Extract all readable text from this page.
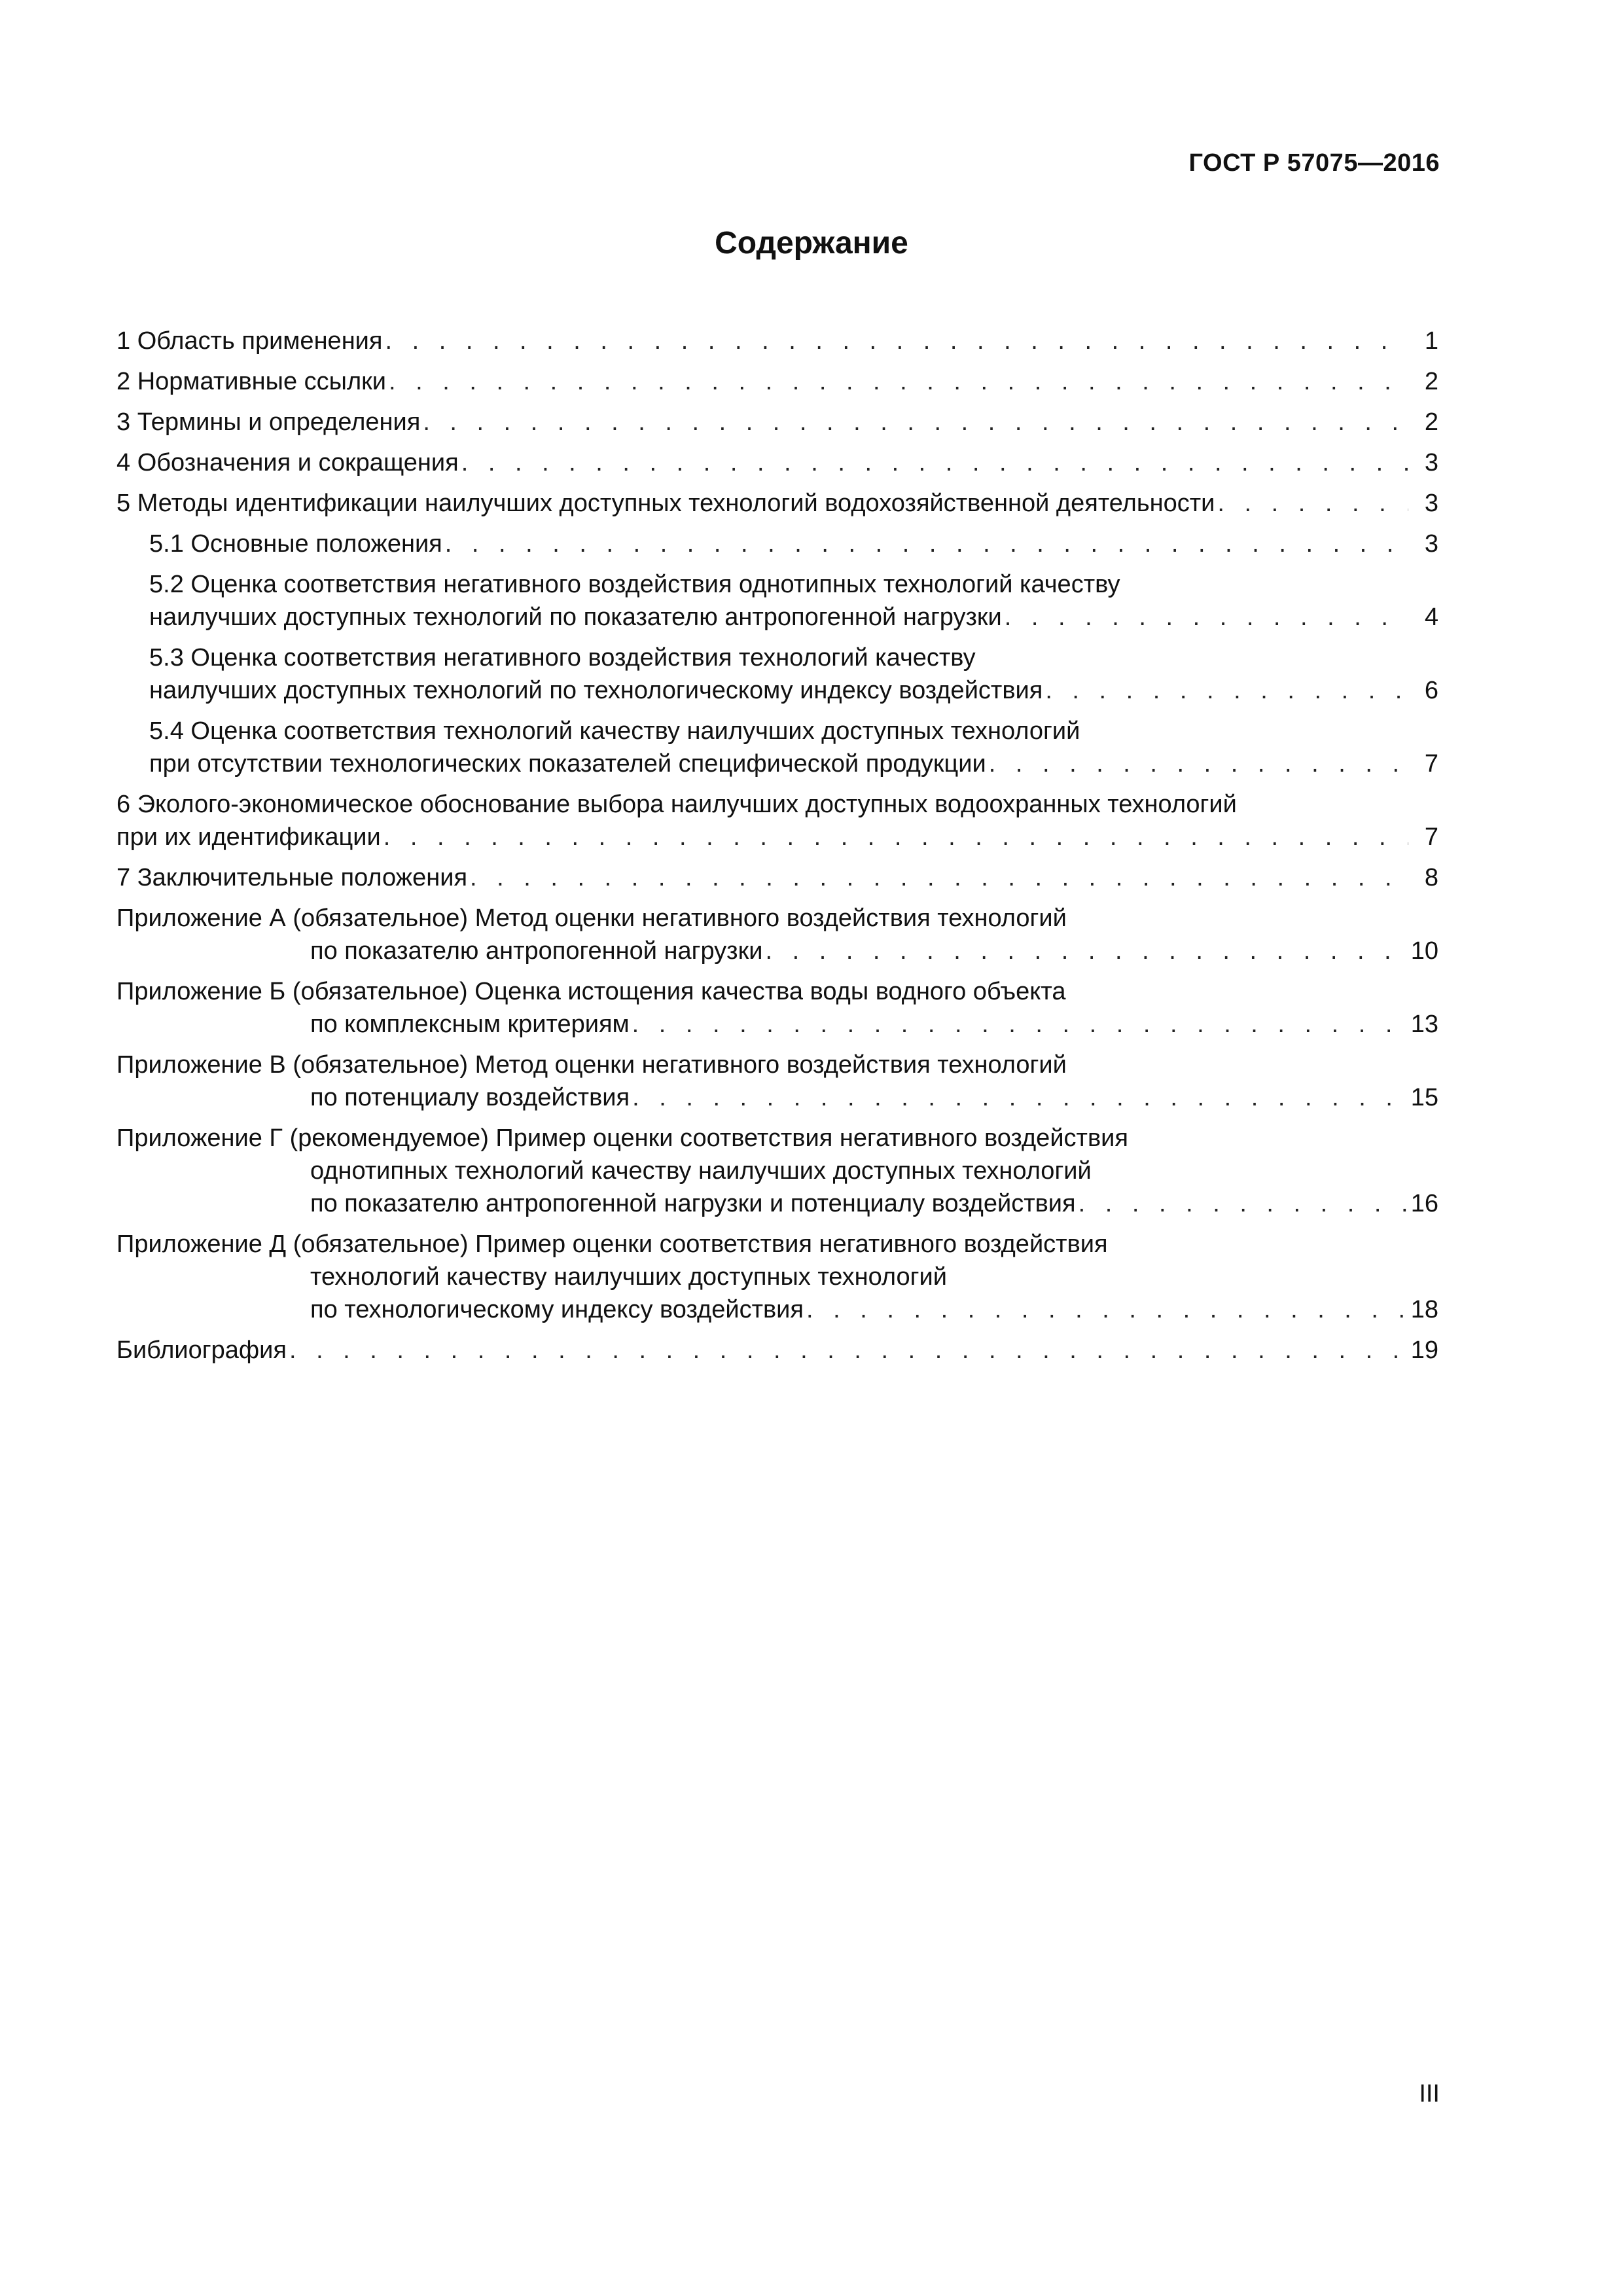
ГОСТ Р 57075—2016
Содержание
1 Область применения . . .	1
2 Нормативные ссылки . . .	2
3 Термины и определения . . .	2
4 Обозначения и сокращения . . .	3
5 Методы идентификации наилучших доступных технологий водохозяйственной деятельности . . .	3
5.1 Основные положения . . .	3
5.2 Оценка соответствия негативного воздействия однотипных технологий качеству
наилучших доступных технологий по показателю антропогенной нагрузки . . .	4
5.3 Оценка соответствия негативного воздействия технологий качеству
наилучших доступных технологий по технологическому индексу воздействия . . .	6
5.4 Оценка соответствия технологий качеству наилучших доступных технологий
при отсутствии технологических показателей специфической продукции . . .	7
6 Эколого-экономическое обоснование выбора наилучших доступных водоохранных технологий
при их идентификации . . .	7
7 Заключительные положения . . .	8
Приложение А (обязательное) Метод оценки негативного воздействия технологий
по показателю антропогенной нагрузки . . .	10
Приложение Б (обязательное) Оценка истощения качества воды водного объекта
по комплексным критериям . . .	13
Приложение В (обязательное) Метод оценки негативного воздействия технологий
по потенциалу воздействия . . .	15
Приложение Г (рекомендуемое) Пример оценки соответствия негативного воздействия
однотипных технологий качеству наилучших доступных технологий
по показателю антропогенной нагрузки и потенциалу воздействия . . .	16
Приложение Д (обязательное) Пример оценки соответствия негативного воздействия
технологий качеству наилучших доступных технологий
по технологическому индексу воздействия . . .	18
Библиография . . .	19
III
